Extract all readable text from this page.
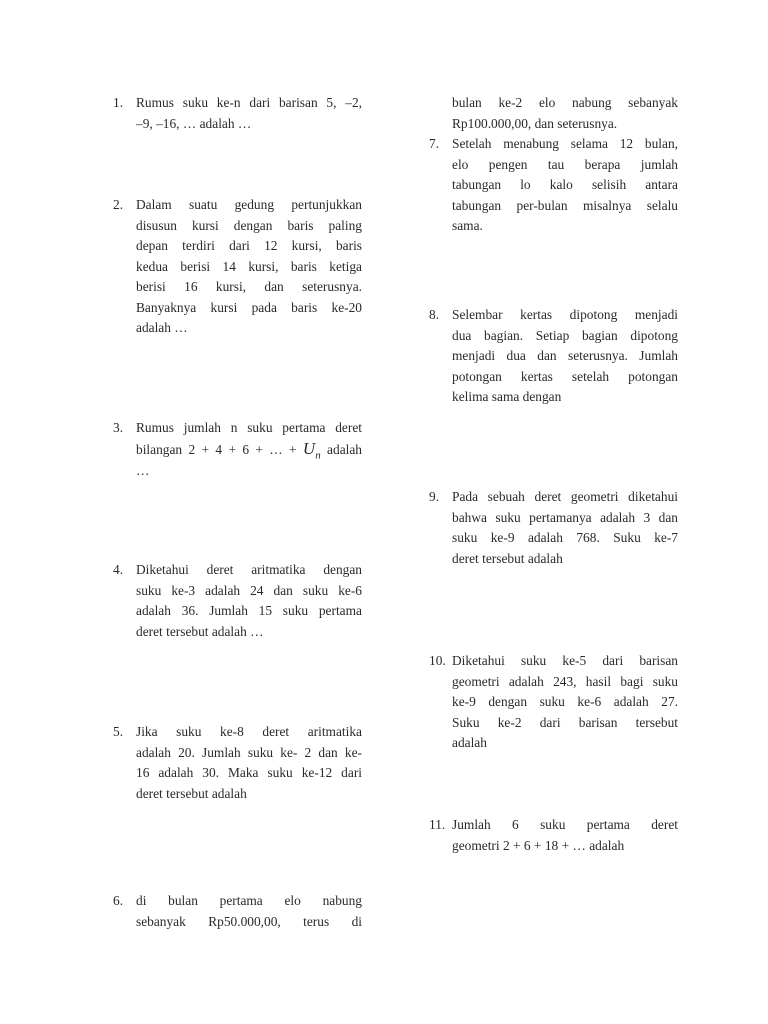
1. Rumus suku ke-n dari barisan 5, –2,
–9, –16, … adalah …
2. Dalam suatu gedung pertunjukkan
disusun kursi dengan baris paling
depan terdiri dari 12 kursi, baris
kedua berisi 14 kursi, baris ketiga
berisi 16 kursi, dan seterusnya.
Banyaknya kursi pada baris ke-20
adalah …
3. Rumus jumlah n suku pertama deret
bilangan 2 + 4 + 6 + … + $U_n$ adalah
…
4. Diketahui deret aritmatika dengan
suku ke-3 adalah 24 dan suku ke-6
adalah 36. Jumlah 15 suku pertama
deret tersebut adalah …
5. Jika suku ke-8 deret aritmatika
adalah 20. Jumlah suku ke- 2 dan ke-
16 adalah 30. Maka suku ke-12 dari
deret tersebut adalah
6. di bulan pertama elo nabung
sebanyak Rp50.000,00, terus di
bulan ke-2 elo nabung sebanyak
Rp100.000,00, dan seterusnya.
7. Setelah menabung selama 12 bulan,
elo pengen tau berapa jumlah
tabungan lo kalo selisih antara
tabungan per-bulan misalnya selalu
sama.
8. Selembar kertas dipotong menjadi
dua bagian. Setiap bagian dipotong
menjadi dua dan seterusnya. Jumlah
potongan kertas setelah potongan
kelima sama dengan
9. Pada sebuah deret geometri diketahui
bahwa suku pertamanya adalah 3 dan
suku ke-9 adalah 768. Suku ke-7
deret tersebut adalah
10. Diketahui suku ke-5 dari barisan
geometri adalah 243, hasil bagi suku
ke-9 dengan suku ke-6 adalah 27.
Suku ke-2 dari barisan tersebut
adalah
11. Jumlah 6 suku pertama deret
geometri 2 + 6 + 18 + … adalah
